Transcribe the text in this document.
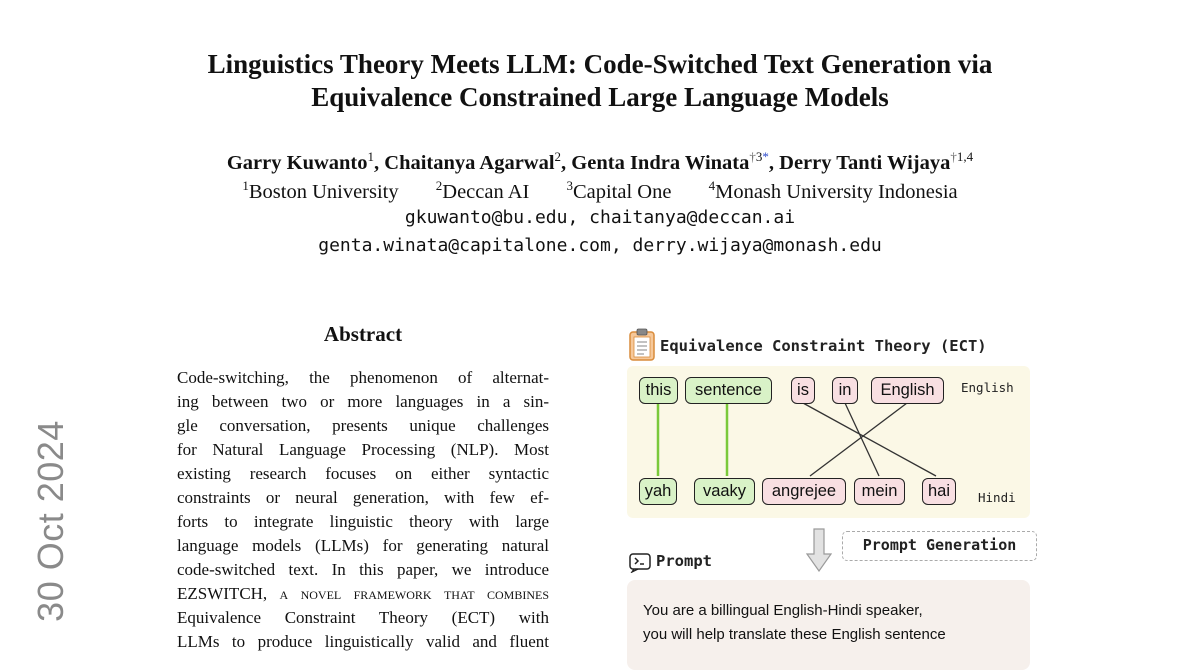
30 Oct 2024
Linguistics Theory Meets LLM: Code-Switched Text Generation via
Equivalence Constrained Large Language Models
Garry Kuwanto$^1$, Chaitanya Agarwal$^2$, Genta Indra Winata$^{\dagger 3*}$, Derry Tanti Wijaya$^{\dagger 1,4}$
$^1$Boston University	$^2$Deccan AI	$^3$Capital One	$^4$Monash University Indonesia
gkuwanto@bu.edu, chaitanya@deccan.ai
genta.winata@capitalone.com, derry.wijaya@monash.edu
Abstract
Code-switching, the phenomenon of alternat-
ing between two or more languages in a sin-
gle conversation, presents unique challenges
for Natural Language Processing (NLP). Most
existing research focuses on either syntactic
constraints or neural generation, with few ef-
forts to integrate linguistic theory with large
language models (LLMs) for generating natural
code-switched text. In this paper, we introduce
EZSWITCH, a novel framework that combines
Equivalence Constraint Theory (ECT) with
LLMs to produce linguistically valid and fluent
Equivalence Constraint Theory (ECT)
this	sentence	is	in	English	English
yah	vaaky	angrejee	mein	hai	Hindi
Prompt Generation
Prompt
You are a billingual English-Hindi speaker,
you will help translate these English sentence
